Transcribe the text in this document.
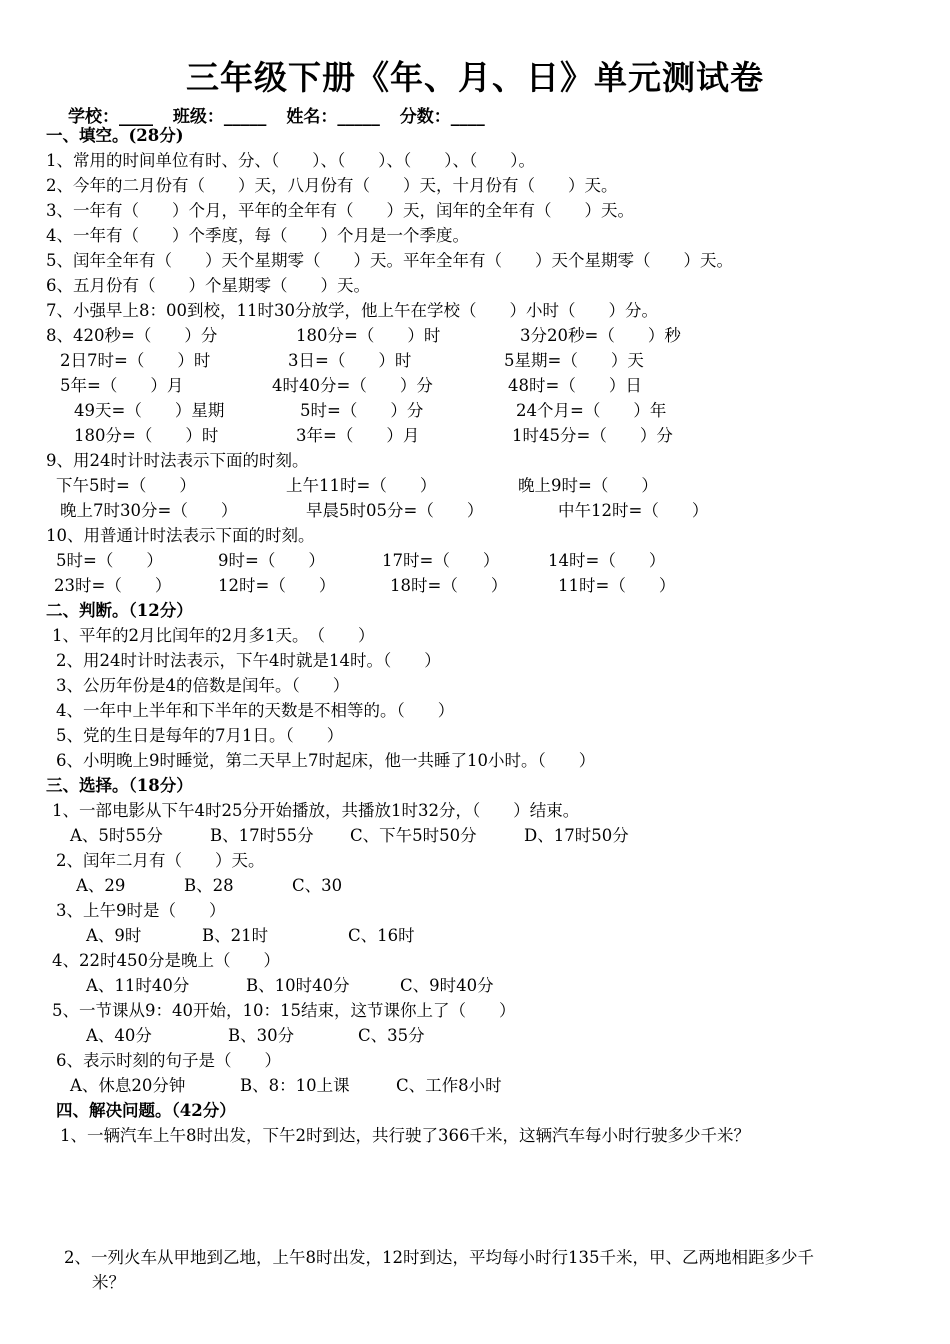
三年级下册《年、月、日》单元测试卷
学校：____ 班级：_____ 姓名：_____ 分数：____
一、填空。(28分)
1、常用的时间单位有时、分、（　　）、（　　）、（　　）、（　　）。
2、今年的二月份有（　　）天，八月份有（　　）天，十月份有（　　）天。
3、一年有（　　）个月，平年的全年有（　　）天，闰年的全年有（　　）天。
4、一年有（　　）个季度，每（　　）个月是一个季度。
5、闰年全年有（　　）天个星期零（　　）天。平年全年有（　　）天个星期零（　　）天。
6、五月份有（　　）个星期零（　　）天。
7、小强早上8：00到校，11时30分放学，他上午在学校（　　）小时（　　）分。
8、420秒=（　　）分	180分=（　　）时	3分20秒=（　　）秒
2日7时=（　　）时	3日=（　　）时	5星期=（　　）天
5年=（　　）月	4时40分=（　　）分	48时=（　　）日
49天=（　　）星期	5时=（　　）分	24个月=（　　）年
180分=（　　）时	3年=（　　）月	1时45分=（　　）分
9、用24时计时法表示下面的时刻。
下午5时=（　　）	上午11时=（　　）	晚上9时=（　　）
晚上7时30分=（　　）	早晨5时05分=（　　）	中午12时=（　　）
10、用普通计时法表示下面的时刻。
5时=（　　）	9时=（　　）	17时=（　　）	14时=（　　）
23时=（　　）	12时=（　　）	18时=（　　）	11时=（　　）
二、判断。（12分）
1、平年的2月比闰年的2月多1天。　（　　）
2、用24时计时法表示，下午4时就是14时。（　　）
3、公历年份是4的倍数是闰年。（　　）
4、一年中上半年和下半年的天数是不相等的。（　　）
5、党的生日是每年的7月1日。（　　）
6、小明晚上9时睡觉，第二天早上7时起床，他一共睡了10小时。（　　）
三、选择。（18分）
1、一部电影从下午4时25分开始播放，共播放1时32分，（　　）结束。
A、5时55分	B、17时55分 C、下午5时50分	D、17时50分
2、闰年二月有（　　）天。
A、29	B、28	C、30
3、上午9时是（　　）
A、9时	B、21时	C、16时
4、22时450分是晚上（　　）
A、11时40分	B、10时40分	C、9时40分
5、一节课从9：40开始，10：15结束，这节课你上了（　　）
A、40分	B、30分	C、35分
6、表示时刻的句子是（　　）
A、休息20分钟	B、8：10上课	C、工作8小时
四、解决问题。（42分）
1、一辆汽车上午8时出发，下午2时到达，共行驶了366千米，这辆汽车每小时行驶多少千米？
2、一列火车从甲地到乙地，上午8时出发，12时到达，平均每小时行135千米，甲、乙两地相距多少千
米？
